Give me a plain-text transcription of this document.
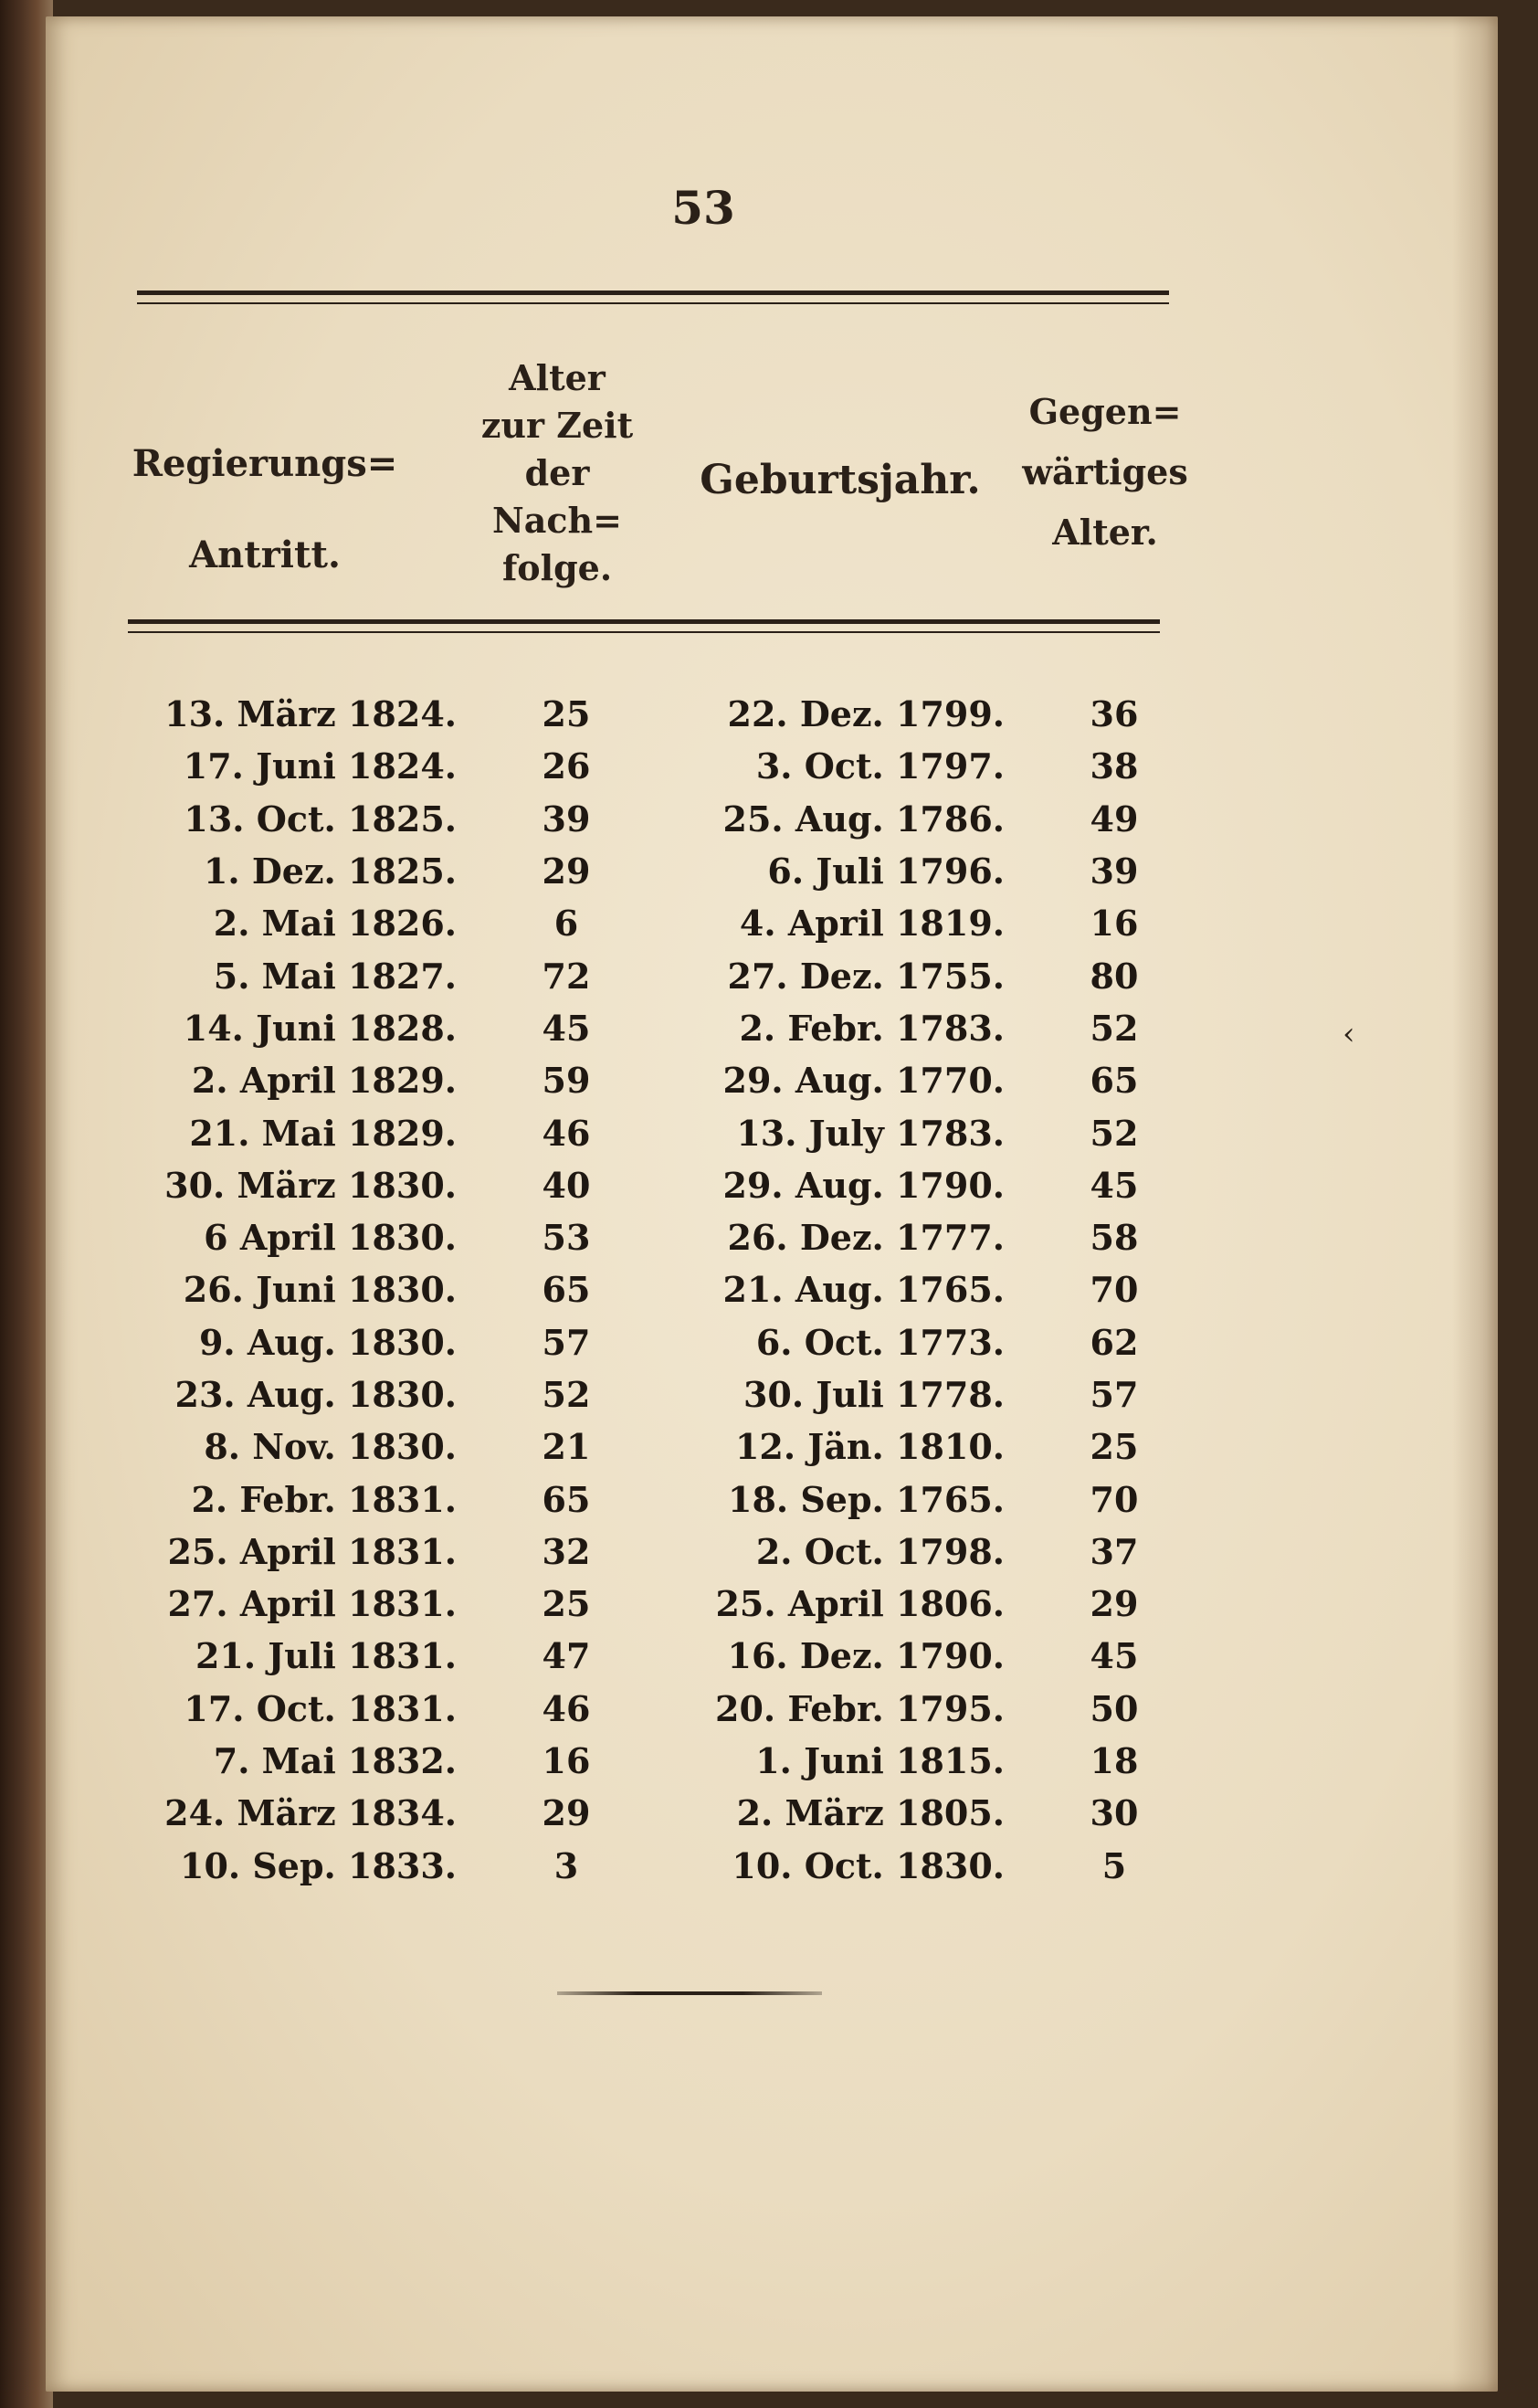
53
Regierungs=
Antritt.
Alter
zur Zeit
der
Nach=
folge.
Geburtsjahr.
Gegen=
wärtiges
Alter.
13. März 1824.	25	22. Dez. 1799.	36
17. Juni 1824.	26	3. Oct. 1797.	38
13. Oct. 1825.	39	25. Aug. 1786.	49
1. Dez. 1825.	29	6. Juli 1796.	39
2. Mai 1826.	6	4. April 1819.	16
5. Mai 1827.	72	27. Dez. 1755.	80
14. Juni 1828.	45	2. Febr. 1783.	52
2. April 1829.	59	29. Aug. 1770.	65
21. Mai 1829.	46	13. July 1783.	52
30. März 1830.	40	29. Aug. 1790.	45
6 April 1830.	53	26. Dez. 1777.	58
26. Juni 1830.	65	21. Aug. 1765.	70
9. Aug. 1830.	57	6. Oct. 1773.	62
23. Aug. 1830.	52	30. Juli 1778.	57
8. Nov. 1830.	21	12. Jän. 1810.	25
2. Febr. 1831.	65	18. Sep. 1765.	70
25. April 1831.	32	2. Oct. 1798.	37
27. April 1831.	25	25. April 1806.	29
21. Juli 1831.	47	16. Dez. 1790.	45
17. Oct. 1831.	46	20. Febr. 1795.	50
7. Mai 1832.	16	1. Juni 1815.	18
24. März 1834.	29	2. März 1805.	30
10. Sep. 1833.	3	10. Oct. 1830.	5
‹
